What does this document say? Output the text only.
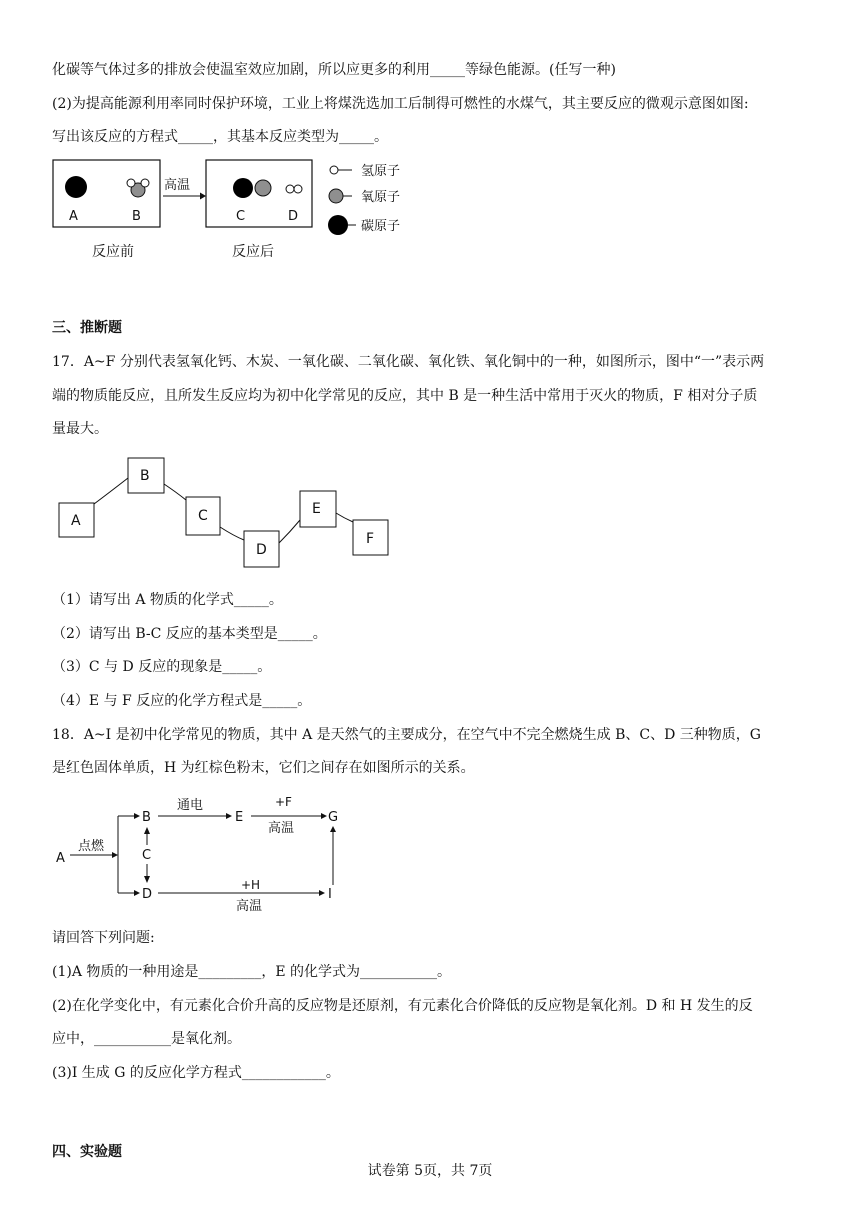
化碳等气体过多的排放会使温室效应加剧，所以应更多的利用_____等绿色能源。(任写一种)
(2)为提高能源利用率同时保护环境，工业上将煤洗选加工后制得可燃性的水煤气，其主要反应的微观示意图如图:
写出该反应的方程式_____，其基本反应类型为_____。
A	B	C	D
高温
反应前	反应后
氢原子
氧原子
碳原子
三、推断题
17．A~F 分别代表氢氧化钙、木炭、一氧化碳、二氧化碳、氧化铁、氧化铜中的一种，如图所示，图中“一”表示两
端的物质能反应，且所发生反应均为初中化学常见的反应，其中 B 是一种生活中常用于灭火的物质，F 相对分子质
量最大。
A
B
C
D
E
F
（1）请写出 A 物质的化学式_____。
（2）请写出 B-C 反应的基本类型是_____。
（3）C 与 D 反应的现象是_____。
（4）E 与 F 反应的化学方程式是_____。
18．A~I 是初中化学常见的物质，其中 A 是天然气的主要成分，在空气中不完全燃烧生成 B、C、D 三种物质，G
是红色固体单质，H 为红棕色粉末，它们之间存在如图所示的关系。
A
点燃
B
C
D
通电
E
+F
高温
G
+H
高温
I
请回答下列问题:
(1)A 物质的一种用途是_________，E 的化学式为___________。
(2)在化学变化中，有元素化合价升高的反应物是还原剂，有元素化合价降低的反应物是氧化剂。D 和 H 发生的反
应中，___________是氧化剂。
(3)I 生成 G 的反应化学方程式____________。
四、实验题
试卷第 5页，共 7页
